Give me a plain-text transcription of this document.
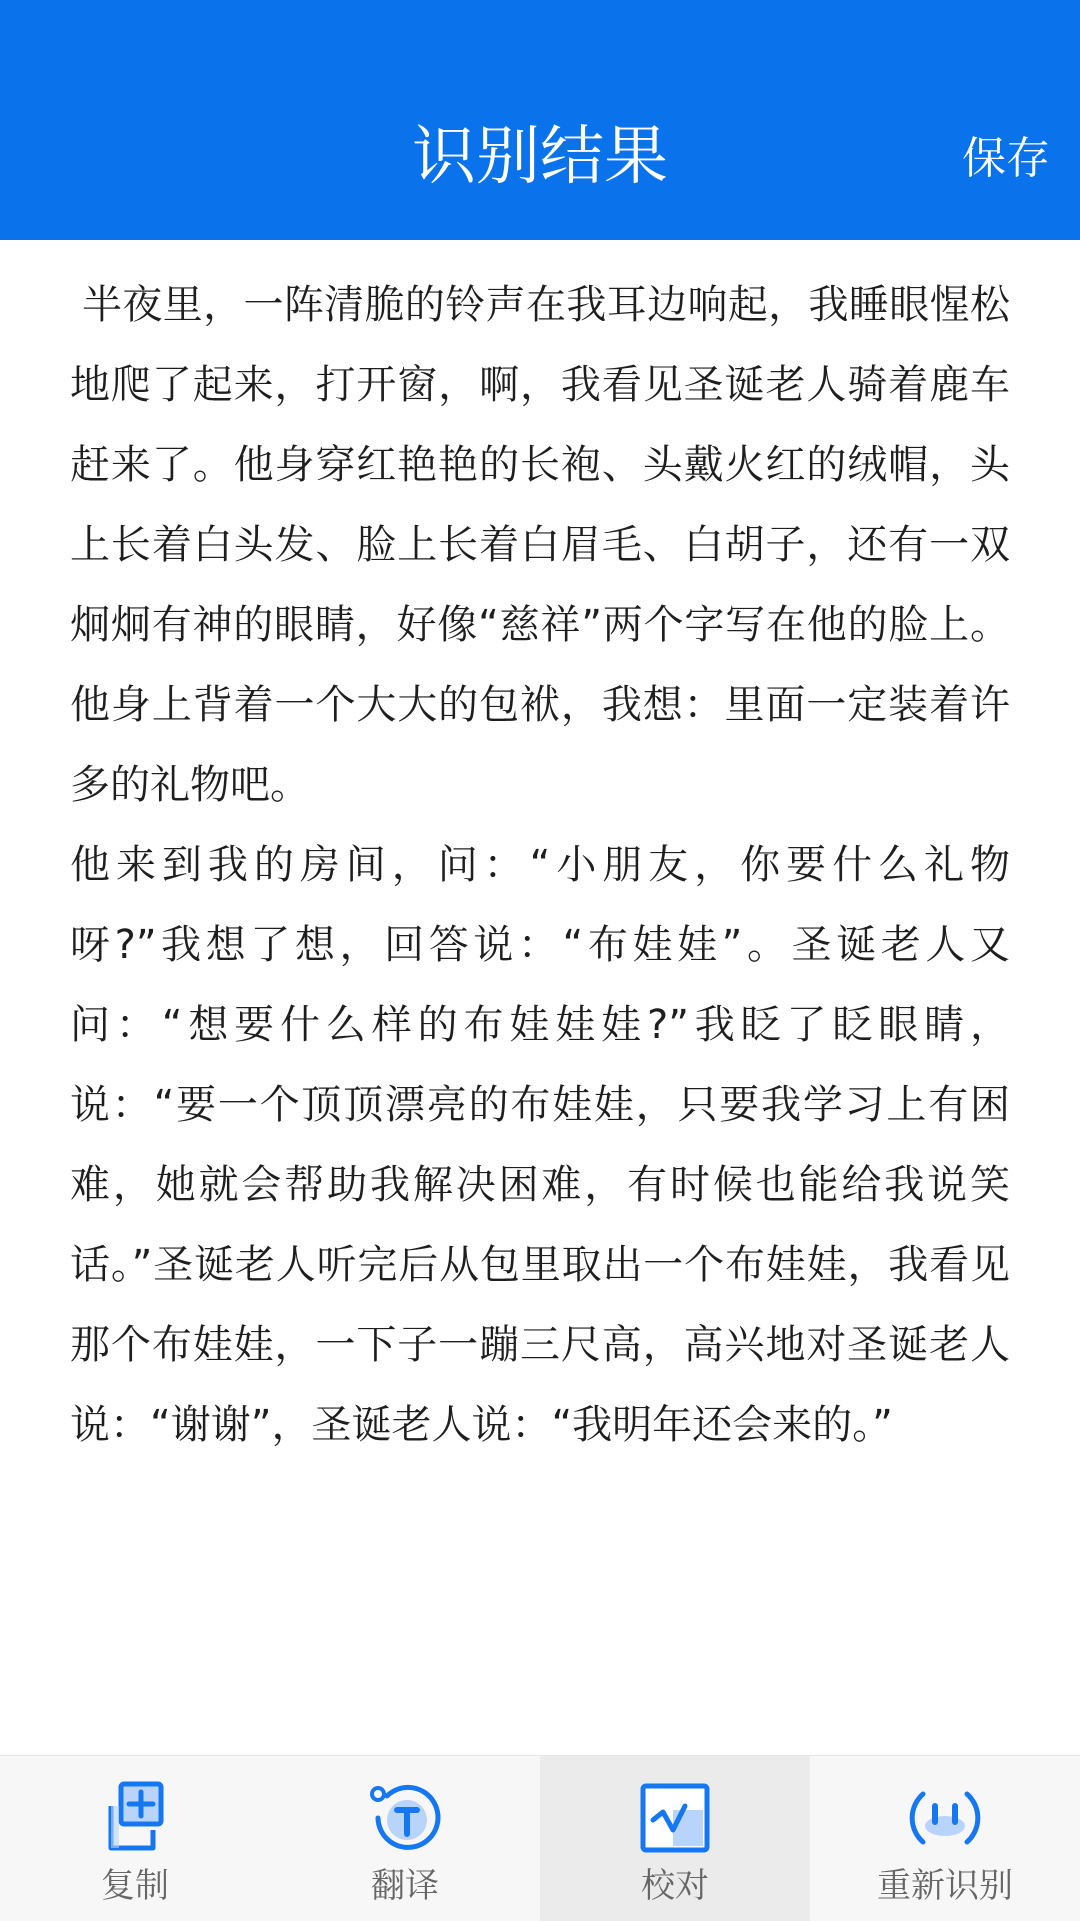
识别结果	保存

半夜里，一阵清脆的铃声在我耳边响起，我睡眼惺松地爬了起来，打开窗，啊，我看见圣诞老人骑着鹿车赶来了。他身穿红艳艳的长袍、头戴火红的绒帽，头上长着白头发、脸上长着白眉毛、白胡子，还有一双炯炯有神的眼睛，好像“慈祥”两个字写在他的脸上。他身上背着一个大大的包袱，我想：里面一定装着许多的礼物吧。

他来到我的房间，问：“小朋友，你要什么礼物呀?”我想了想，回答说：“布娃娃”。圣诞老人又问：“想要什么样的布娃娃娃?”我眨了眨眼睛，说：“要一个顶顶漂亮的布娃娃，只要我学习上有困难，她就会帮助我解决困难，有时候也能给我说笑话。”圣诞老人听完后从包里取出一个布娃娃，我看见那个布娃娃，一下子一蹦三尺高，高兴地对圣诞老人说：“谢谢”，圣诞老人说：“我明年还会来的。”

复制	翻译	校对	重新识别
